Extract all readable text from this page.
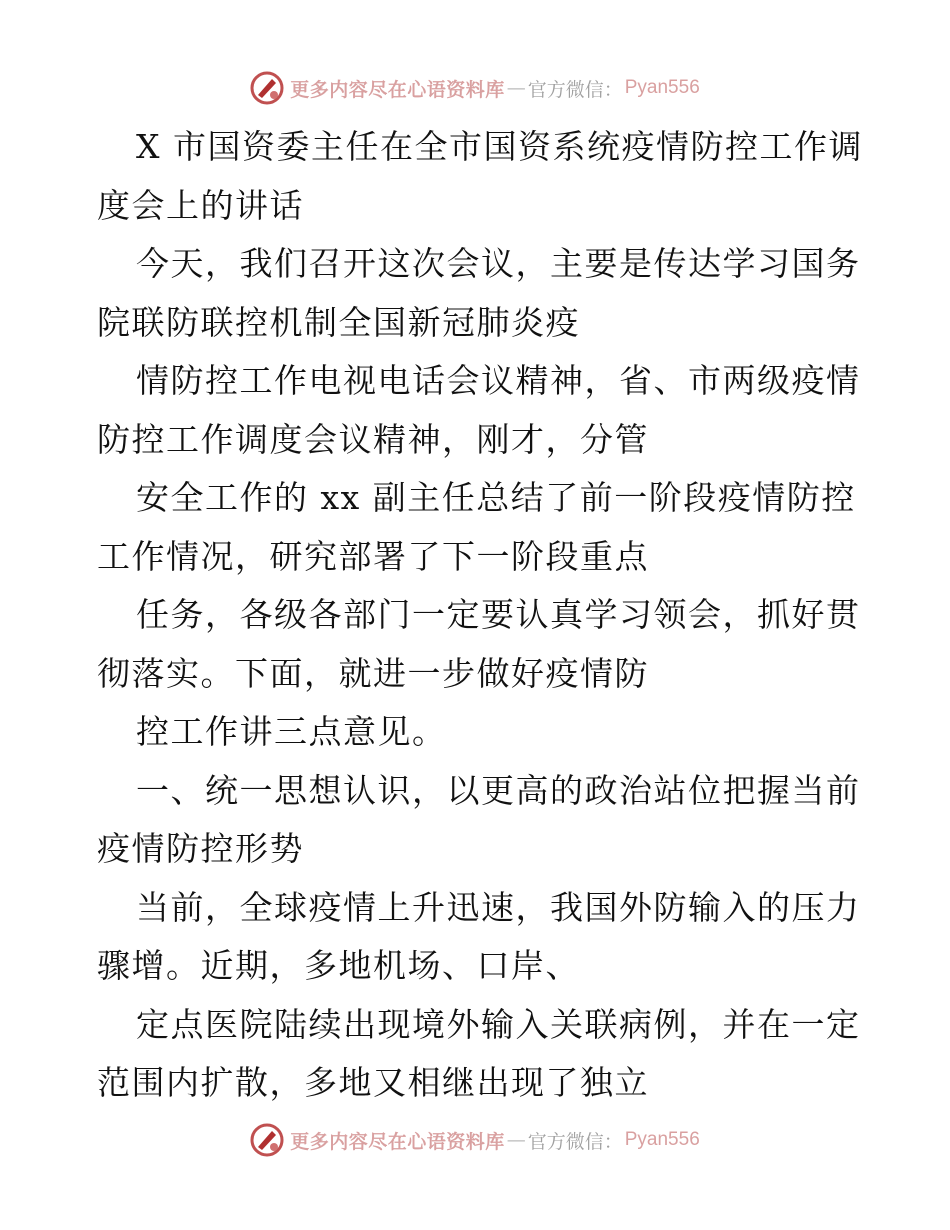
更多内容尽在心语资料库 — 官方微信： Pyan556
X 市国资委主任在全市国资系统疫情防控工作调
度会上的讲话
今天，我们召开这次会议，主要是传达学习国务
院联防联控机制全国新冠肺炎疫
情防控工作电视电话会议精神，省、市两级疫情
防控工作调度会议精神，刚才，分管
安全工作的 xx 副主任总结了前一阶段疫情防控
工作情况，研究部署了下一阶段重点
任务，各级各部门一定要认真学习领会，抓好贯
彻落实。下面，就进一步做好疫情防
控工作讲三点意见。
一、统一思想认识，以更高的政治站位把握当前
疫情防控形势
当前，全球疫情上升迅速，我国外防输入的压力
骤增。近期，多地机场、口岸、
定点医院陆续出现境外输入关联病例，并在一定
范围内扩散，多地又相继出现了独立
更多内容尽在心语资料库 — 官方微信： Pyan556
